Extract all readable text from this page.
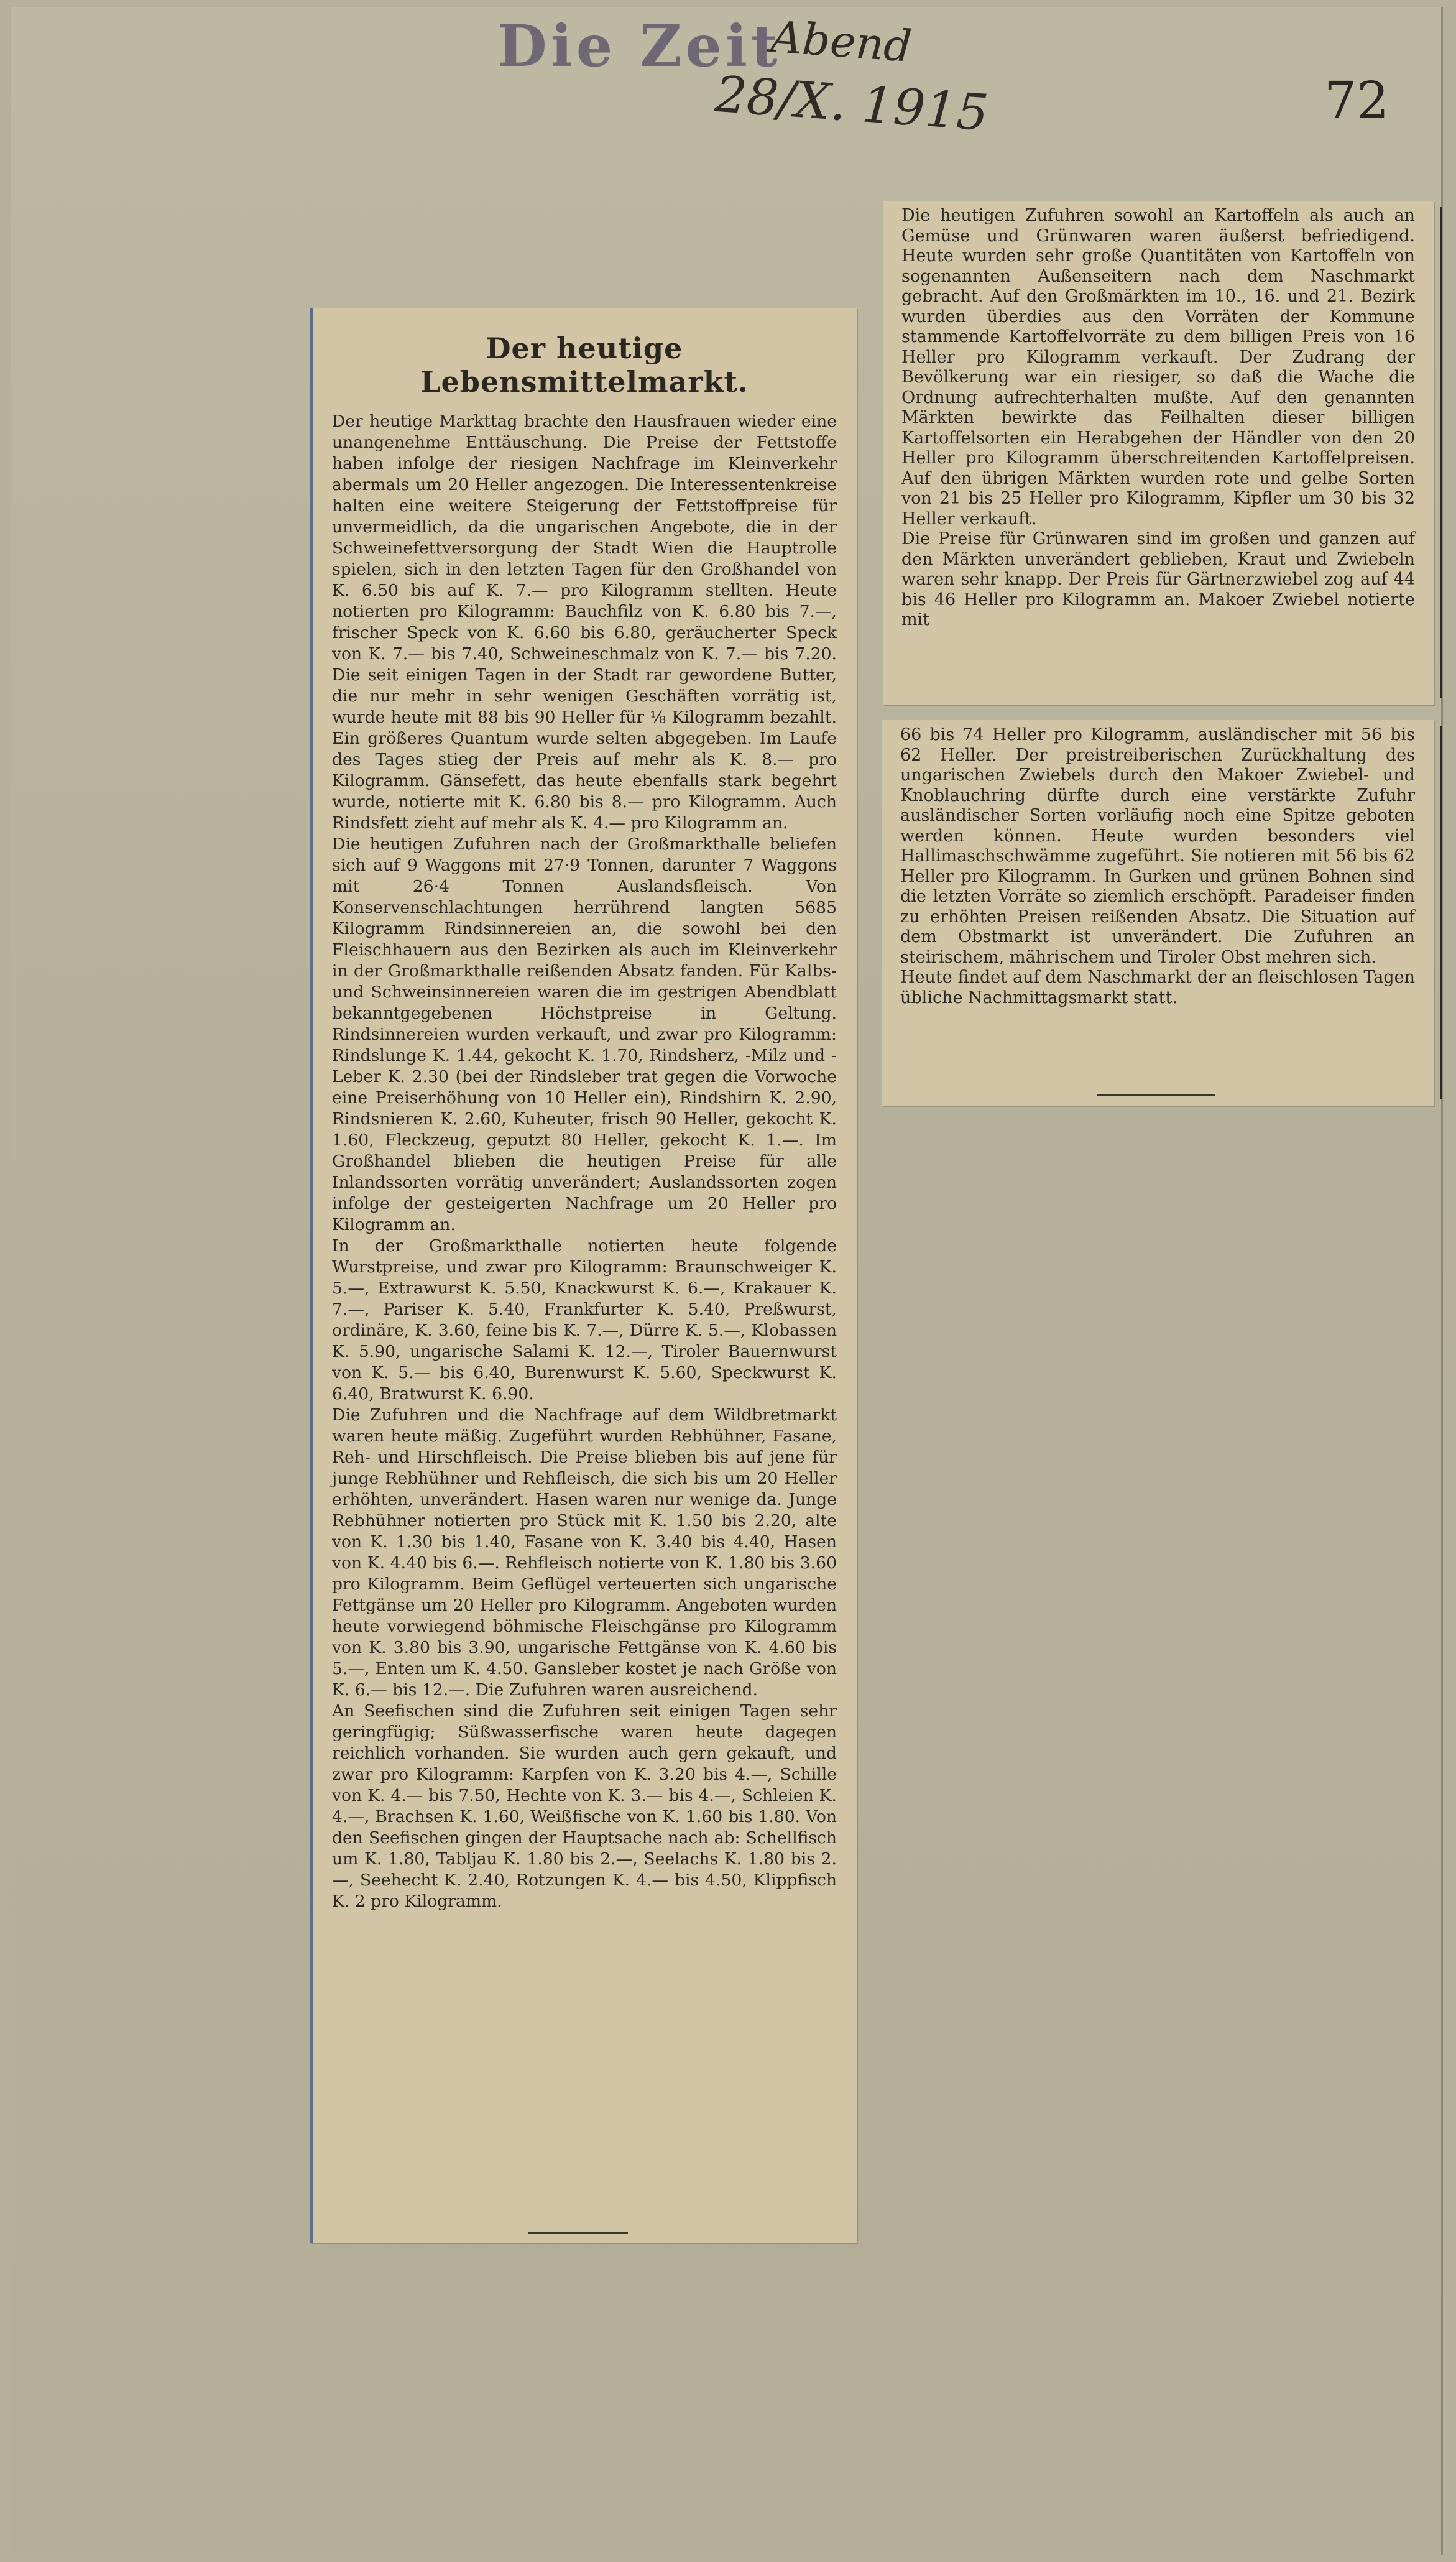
Die Zeit
Abend
28/X. 1915	72
Der heutige Lebensmittelmarkt.

Der heutige Markttag brachte den Hausfrauen wieder eine unangenehme Enttäuschung. Die Preise der Fettstoffe haben infolge der riesigen Nachfrage im Kleinverkehr abermals um 20 Heller angezogen. Die Interessentenkreise halten eine weitere Steigerung der Fettstoffpreise für unvermeidlich, da die ungarischen Angebote, die in der Schweinefettversorgung der Stadt Wien die Hauptrolle spielen, sich in den letzten Tagen für den Großhandel von K. 6.50 bis auf K. 7.— pro Kilogramm stellten. Heute notierten pro Kilogramm: Bauchfilz von K. 6.80 bis 7.—, frischer Speck von K. 6.60 bis 6.80, geräucherter Speck von K. 7.— bis 7.40, Schweineschmalz von K. 7.— bis 7.20. Die seit einigen Tagen in der Stadt rar gewordene Butter, die nur mehr in sehr wenigen Geschäften vorrätig ist, wurde heute mit 88 bis 90 Heller für ⅛ Kilogramm bezahlt. Ein größeres Quantum wurde selten abgegeben. Im Laufe des Tages stieg der Preis auf mehr als K. 8.— pro Kilogramm. Gänsefett, das heute ebenfalls stark begehrt wurde, notierte mit K. 6.80 bis 8.— pro Kilogramm. Auch Rindsfett zieht auf mehr als K. 4.— pro Kilogramm an.
Die heutigen Zufuhren nach der Großmarkthalle beliefen sich auf 9 Waggons mit 27·9 Tonnen, darunter 7 Waggons mit 26·4 Tonnen Auslandsfleisch. Von Konservenschlachtungen herrührend langten 5685 Kilogramm Rindsinnereien an, die sowohl bei den Fleischhauern aus den Bezirken als auch im Kleinverkehr in der Großmarkthalle reißenden Absatz fanden. Für Kalbs- und Schweinsinnereien waren die im gestrigen Abendblatt bekanntgegebenen Höchstpreise in Geltung. Rindsinnereien wurden verkauft, und zwar pro Kilogramm: Rindslunge K. 1.44, gekocht K. 1.70, Rindsherz, -Milz und -Leber K. 2.30 (bei der Rindsleber trat gegen die Vorwoche eine Preiserhöhung von 10 Heller ein), Rindshirn K. 2.90, Rindsnieren K. 2.60, Kuheuter, frisch 90 Heller, gekocht K. 1.60, Fleckzeug, geputzt 80 Heller, gekocht K. 1.—. Im Großhandel blieben die heutigen Preise für alle Inlandssorten vorrätig unverändert; Auslandssorten zogen infolge der gesteigerten Nachfrage um 20 Heller pro Kilogramm an.
In der Großmarkthalle notierten heute folgende Wurstpreise, und zwar pro Kilogramm: Braunschweiger K. 5.—, Extrawurst K. 5.50, Knackwurst K. 6.—, Krakauer K. 7.—, Pariser K. 5.40, Frankfurter K. 5.40, Preßwurst, ordinäre, K. 3.60, feine bis K. 7.—, Dürre K. 5.—, Klobassen K. 5.90, ungarische Salami K. 12.—, Tiroler Bauernwurst von K. 5.— bis 6.40, Burenwurst K. 5.60, Speckwurst K. 6.40, Bratwurst K. 6.90.
Die Zufuhren und die Nachfrage auf dem Wildbretmarkt waren heute mäßig. Zugeführt wurden Rebhühner, Fasane, Reh- und Hirschfleisch. Die Preise blieben bis auf jene für junge Rebhühner und Rehfleisch, die sich bis um 20 Heller erhöhten, unverändert. Hasen waren nur wenige da. Junge Rebhühner notierten pro Stück mit K. 1.50 bis 2.20, alte von K. 1.30 bis 1.40, Fasane von K. 3.40 bis 4.40, Hasen von K. 4.40 bis 6.—. Rehfleisch notierte von K. 1.80 bis 3.60 pro Kilogramm. Beim Geflügel verteuerten sich ungarische Fettgänse um 20 Heller pro Kilogramm. Angeboten wurden heute vorwiegend böhmische Fleischgänse pro Kilogramm von K. 3.80 bis 3.90, ungarische Fettgänse von K. 4.60 bis 5.—, Enten um K. 4.50. Gansleber kostet je nach Größe von K. 6.— bis 12.—. Die Zufuhren waren ausreichend.
An Seefischen sind die Zufuhren seit einigen Tagen sehr geringfügig; Süßwasserfische waren heute dagegen reichlich vorhanden. Sie wurden auch gern gekauft, und zwar pro Kilogramm: Karpfen von K. 3.20 bis 4.—, Schille von K. 4.— bis 7.50, Hechte von K. 3.— bis 4.—, Schleien K. 4.—, Brachsen K. 1.60, Weißfische von K. 1.60 bis 1.80. Von den Seefischen gingen der Hauptsache nach ab: Schellfisch um K. 1.80, Tabljau K. 1.80 bis 2.—, Seelachs K. 1.80 bis 2.—, Seehecht K. 2.40, Rotzungen K. 4.— bis 4.50, Klippfisch K. 2 pro Kilogramm.

Die heutigen Zufuhren sowohl an Kartoffeln als auch an Gemüse und Grünwaren waren äußerst befriedigend. Heute wurden sehr große Quantitäten von Kartoffeln von sogenannten Außenseitern nach dem Naschmarkt gebracht. Auf den Großmärkten im 10., 16. und 21. Bezirk wurden überdies aus den Vorräten der Kommune stammende Kartoffelvorräte zu dem billigen Preis von 16 Heller pro Kilogramm verkauft. Der Zudrang der Bevölkerung war ein riesiger, so daß die Wache die Ordnung aufrechterhalten mußte. Auf den genannten Märkten bewirkte das Feilhalten dieser billigen Kartoffelsorten ein Herabgehen der Händler von den 20 Heller pro Kilogramm überschreitenden Kartoffelpreisen. Auf den übrigen Märkten wurden rote und gelbe Sorten von 21 bis 25 Heller pro Kilogramm, Kipfler um 30 bis 32 Heller verkauft.
Die Preise für Grünwaren sind im großen und ganzen auf den Märkten unverändert geblieben, Kraut und Zwiebeln waren sehr knapp. Der Preis für Gärtnerzwiebel zog auf 44 bis 46 Heller pro Kilogramm an. Makoer Zwiebel notierte mit

66 bis 74 Heller pro Kilogramm, ausländischer mit 56 bis 62 Heller. Der preistreiberischen Zurückhaltung des ungarischen Zwiebels durch den Makoer Zwiebel- und Knoblauchring dürfte durch eine verstärkte Zufuhr ausländischer Sorten vorläufig noch eine Spitze geboten werden können. Heute wurden besonders viel Hallimaschschwämme zugeführt. Sie notieren mit 56 bis 62 Heller pro Kilogramm. In Gurken und grünen Bohnen sind die letzten Vorräte so ziemlich erschöpft. Paradeiser finden zu erhöhten Preisen reißenden Absatz. Die Situation auf dem Obstmarkt ist unverändert. Die Zufuhren an steirischem, mährischem und Tiroler Obst mehren sich.
Heute findet auf dem Naschmarkt der an fleischlosen Tagen übliche Nachmittagsmarkt statt.
